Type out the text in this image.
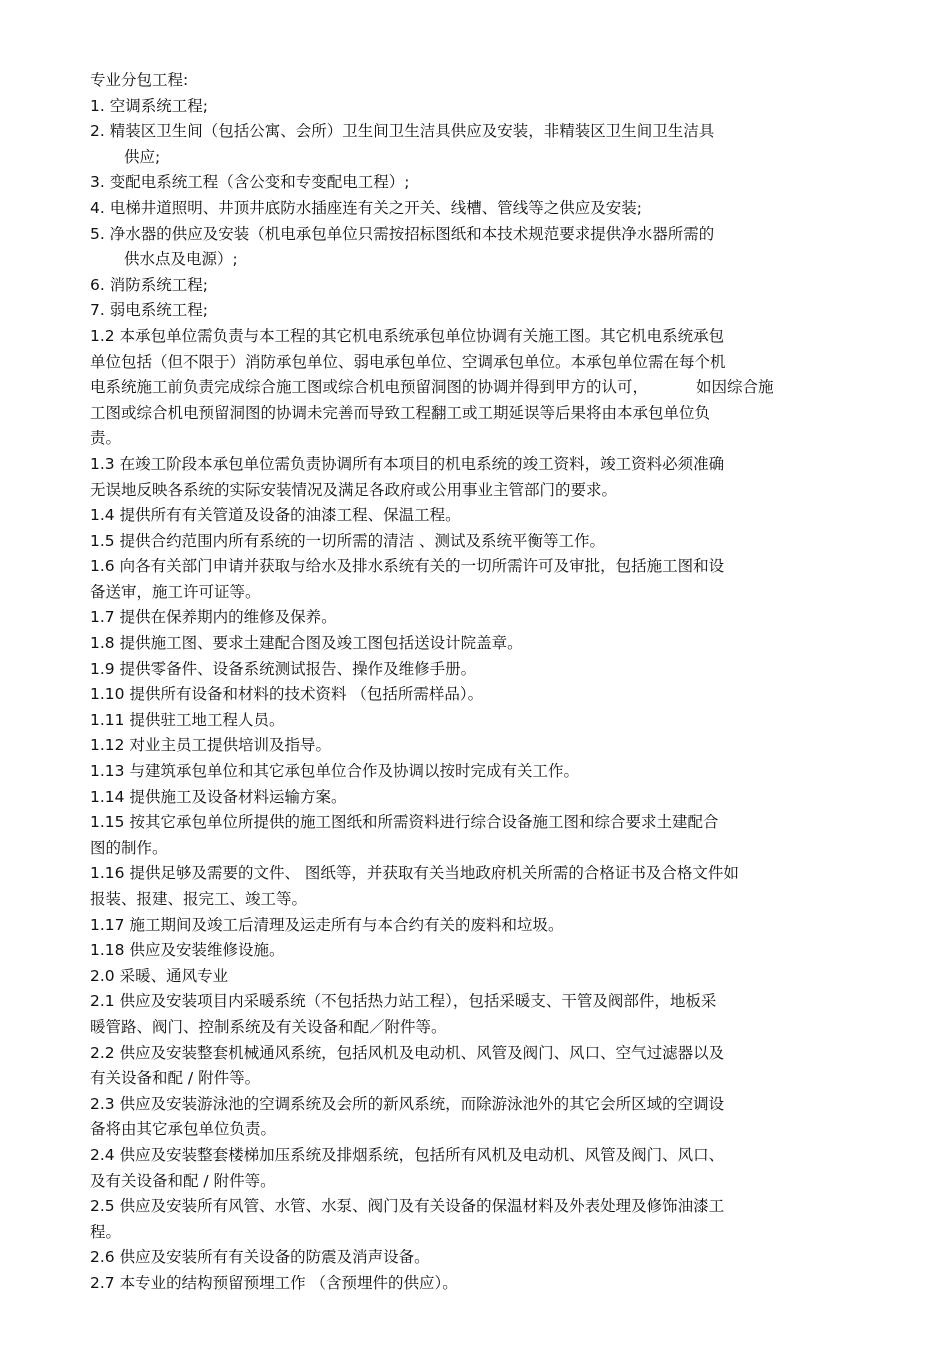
专业分包工程:

1. 空调系统工程;

2. 精装区卫生间（包括公寓、会所）卫生间卫生洁具供应及安装，非精装区卫生间卫生洁具

供应;

3. 变配电系统工程（含公变和专变配电工程）;

4. 电梯井道照明、井顶井底防水插座连有关之开关、线槽、管线等之供应及安装;

5. 净水器的供应及安装（机电承包单位只需按招标图纸和本技术规范要求提供净水器所需的

供水点及电源）;

6. 消防系统工程;

7. 弱电系统工程;

1.2 本承包单位需负责与本工程的其它机电系统承包单位协调有关施工图。其它机电系统承包

单位包括（但不限于）消防承包单位、弱电承包单位、空调承包单位。本承包单位需在每个机

电系统施工前负责完成综合施工图或综合机电预留洞图的协调并得到甲方的认可，	如因综合施

工图或综合机电预留洞图的协调未完善而导致工程翻工或工期延误等后果将由本承包单位负

责。

1.3 在竣工阶段本承包单位需负责协调所有本项目的机电系统的竣工资料，竣工资料必须准确

无误地反映各系统的实际安装情况及满足各政府或公用事业主管部门的要求。

1.4 提供所有有关管道及设备的油漆工程、保温工程。

1.5 提供合约范围内所有系统的一切所需的清洁 、测试及系统平衡等工作。

1.6 向各有关部门申请并获取与给水及排水系统有关的一切所需许可及审批，包括施工图和设

备送审，施工许可证等。

1.7 提供在保养期内的维修及保养。

1.8 提供施工图、要求土建配合图及竣工图包括送设计院盖章。

1.9 提供零备件、设备系统测试报告、操作及维修手册。

1.10 提供所有设备和材料的技术资料 （包括所需样品）。

1.11 提供驻工地工程人员。

1.12 对业主员工提供培训及指导。

1.13 与建筑承包单位和其它承包单位合作及协调以按时完成有关工作。

1.14 提供施工及设备材料运输方案。

1.15 按其它承包单位所提供的施工图纸和所需资料进行综合设备施工图和综合要求土建配合

图的制作。

1.16 提供足够及需要的文件、 图纸等，并获取有关当地政府机关所需的合格证书及合格文件如

报装、报建、报完工、竣工等。

1.17 施工期间及竣工后清理及运走所有与本合约有关的废料和垃圾。

1.18 供应及安装维修设施。

2.0 采暖、通风专业

2.1 供应及安装项目内采暖系统（不包括热力站工程），包括采暖支、干管及阀部件，地板采

暖管路、阀门、控制系统及有关设备和配／附件等。

2.2 供应及安装整套机械通风系统，包括风机及电动机、风管及阀门、风口、空气过滤器以及

有关设备和配 / 附件等。

2.3 供应及安装游泳池的空调系统及会所的新风系统，而除游泳池外的其它会所区域的空调设

备将由其它承包单位负责。

2.4 供应及安装整套楼梯加压系统及排烟系统，包括所有风机及电动机、风管及阀门、风口、

及有关设备和配 / 附件等。

2.5 供应及安装所有风管、水管、水泵、阀门及有关设备的保温材料及外表处理及修饰油漆工

程。

2.6 供应及安装所有有关设备的防震及消声设备。

2.7 本专业的结构预留预埋工作 （含预埋件的供应）。
